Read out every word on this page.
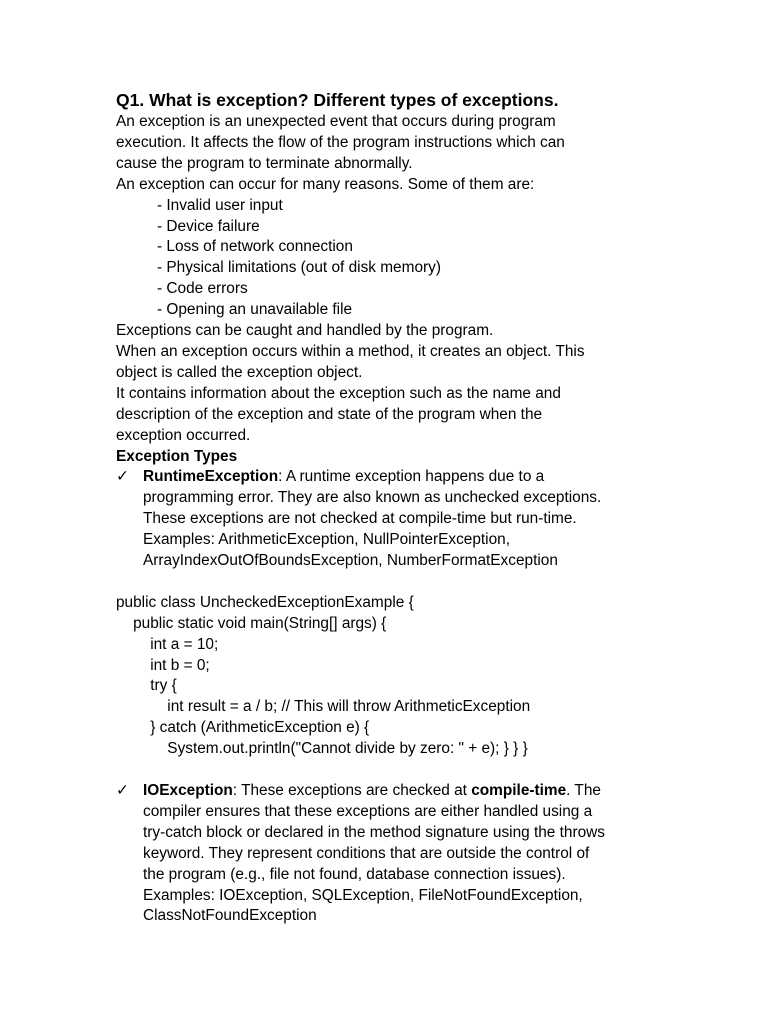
Q1. What is exception? Different types of exceptions.
An exception is an unexpected event that occurs during program
execution. It affects the flow of the program instructions which can
cause the program to terminate abnormally.
An exception can occur for many reasons. Some of them are:
- Invalid user input
- Device failure
- Loss of network connection
- Physical limitations (out of disk memory)
- Code errors
- Opening an unavailable file
Exceptions can be caught and handled by the program.
When an exception occurs within a method, it creates an object. This
object is called the exception object.
It contains information about the exception such as the name and
description of the exception and state of the program when the
exception occurred.
Exception Types
✓ RuntimeException: A runtime exception happens due to a
programming error. They are also known as unchecked exceptions.
These exceptions are not checked at compile-time but run-time.
Examples: ArithmeticException, NullPointerException,
ArrayIndexOutOfBoundsException, NumberFormatException
public class UncheckedExceptionExample {
public static void main(String[] args) {
int a = 10;
int b = 0;
try {
int result = a / b; // This will throw ArithmeticException
} catch (ArithmeticException e) {
System.out.println("Cannot divide by zero: " + e); } } }
✓ IOException: These exceptions are checked at compile-time. The
compiler ensures that these exceptions are either handled using a
try-catch block or declared in the method signature using the throws
keyword. They represent conditions that are outside the control of
the program (e.g., file not found, database connection issues).
Examples: IOException, SQLException, FileNotFoundException,
ClassNotFoundException
